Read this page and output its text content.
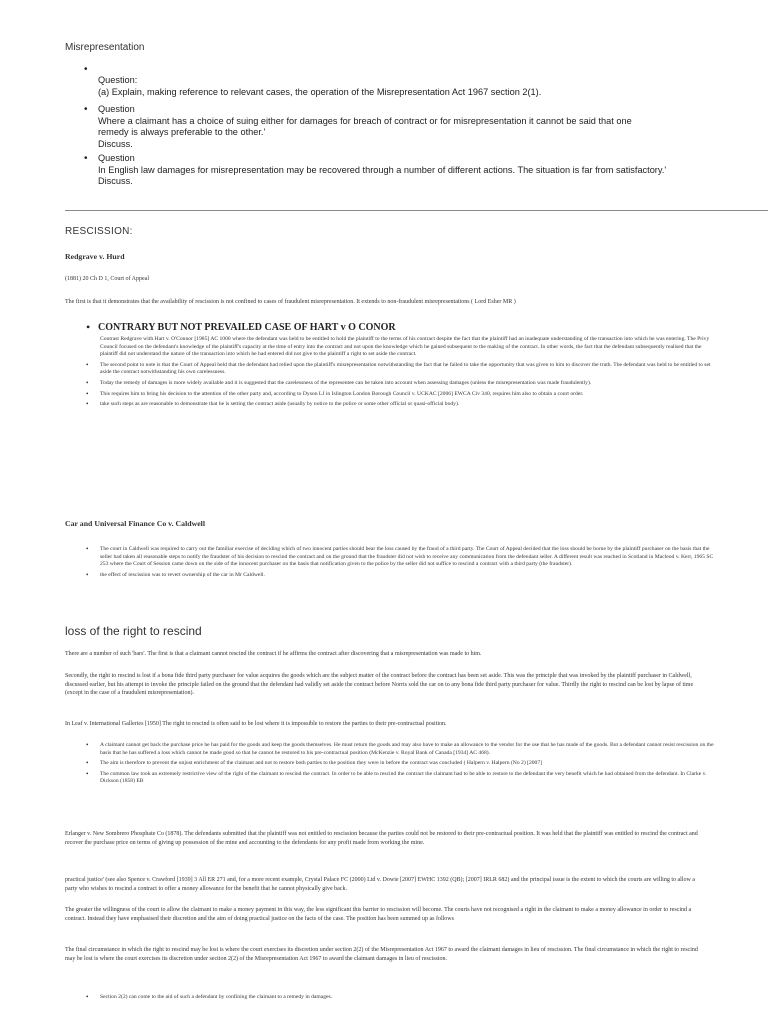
Misrepresentation
•
Question:
(a) Explain, making reference to relevant cases, the operation of the Misrepresentation Act 1967 section 2(1).
• Question
Where a claimant has a choice of suing either for damages for breach of contract or for misrepresentation it cannot be said that one
remedy is always preferable to the other.'
Discuss.
• Question
In English law damages for misrepresentation may be recovered through a number of different actions. The situation is far from satisfactory.'
Discuss.
RESCISSION:
Redgrave v. Hurd
(1881) 20 Ch D 1, Court of Appeal
The first is that it demonstrates that the availability of rescission is not confined to cases of fraudulent misrepresentation. It extends to non-fraudulent misrepresentations ( Lord Esher MR )
• CONTRARY BUT NOT PREVAILED CASE OF HART v O CONOR
Contrast Redgrave with Hart v. O'Connor [1985] AC 1000 where the defendant was held to be entitled to hold the plaintiff to the terms of his contract despite the fact that the plaintiff had an inadequate understanding of the transaction into which he was entering. The Privy Council focused on the defendant's knowledge of the plaintiff's capacity at the time of entry into the contract and not upon the knowledge which he gained subsequent to the making of the contract. In other words, the fact that the defendant subsequently realised that the plaintiff did not understand the nature of the transaction into which he had entered did not give to the plaintiff a right to set aside the contract.
• The second point to note is that the Court of Appeal held that the defendant had relied upon the plaintiff's misrepresentation notwithstanding the fact that he failed to take the opportunity that was given to him to discover the truth. The defendant was held to be entitled to set aside the contract notwithstanding his own carelessness.
• Today the remedy of damages is more widely available and it is suggested that the carelessness of the representee can be taken into account when assessing damages (unless the misrepresentation was made fraudulently).
• This requires him to bring his decision to the attention of the other party and, according to Dyson LJ in Islington London Borough Council v. UCKAC [2006] EWCA Civ 340, requires him also to obtain a court order.
• take such steps as are reasonable to demonstrate that he is setting the contract aside (usually by notice to the police or some other official or quasi-official body).
Car and Universal Finance Co v. Caldwell
• The court in Caldwell was required to carry out the familiar exercise of deciding which of two innocent parties should bear the loss caused by the fraud of a third party. The Court of Appeal decided that the loss should be borne by the plaintiff purchaser on the basis that the seller had taken all reasonable steps to notify the fraudster of his decision to rescind the contract and on the ground that the fraudster did not wish to receive any communication from the defendant seller. A different result was reached in Scotland in Macleod v. Kerr, 1965 SC 253 where the Court of Session came down on the side of the innocent purchaser on the basis that notification given to the police by the seller did not suffice to rescind a contract with a third party (the fraudster).
• the effect of rescission was to revert ownership of the car in Mr Caldwell.
loss of the right to rescind
There are a number of such 'bars'. The first is that a claimant cannot rescind the contract if he affirms the contract after discovering that a misrepresentation was made to him.
Secondly, the right to rescind is lost if a bona fide third party purchaser for value acquires the goods which are the subject matter of the contract before the contract has been set aside. This was the principle that was invoked by the plaintiff purchaser in Caldwell, discussed earlier, but his attempt to invoke the principle failed on the ground that the defendant had validly set aside the contract before Norris sold the car on to any bona fide third party purchaser for value. Thirdly the right to rescind can be lost by lapse of time (except in the case of a fraudulent misrepresentation).
In Leaf v. International Galleries [1950] The right to rescind is often said to be lost where it is impossible to restore the parties to their pre-contractual position.
• A claimant cannot get back the purchase price he has paid for the goods and keep the goods themselves. He must return the goods and may also have to make an allowance to the vendor for the use that he has made of the goods. But a defendant cannot resist rescission on the basis that he has suffered a loss which cannot be made good so that he cannot be restored to his pre-contractual position (McKenzie v. Royal Bank of Canada [1934] AC 468).
• The aim is therefore to prevent the unjust enrichment of the claimant and not to restore both parties to the position they were in before the contract was concluded ( Halpern v. Halpern (No 2) [2007]
• The common law took an extremely restrictive view of the right of the claimant to rescind the contract. In order to be able to rescind the contract the claimant had to be able to restore to the defendant the very benefit which he had obtained from the defendant. In Clarke v. Dickson (1858) EB
Erlanger v. New Sombrero Phosphate Co (1878). The defendants submitted that the plaintiff was not entitled to rescission because the parties could not be restored to their pre-contractual position. It was held that the plaintiff was entitled to rescind the contract and recover the purchase price on terms of giving up possession of the mine and accounting to the defendants for any profit made from working the mine.
practical justice' (see also Spence v. Crawford [1939] 3 All ER 271 and, for a more recent example, Crystal Palace FC (2000) Ltd v. Dowie [2007] EWHC 1392 (QB); [2007] IRLR 682) and the principal issue is the extent to which the courts are willing to allow a party who wishes to rescind a contract to offer a money allowance for the benefit that he cannot physically give back.
The greater the willingness of the court to allow the claimant to make a money payment in this way, the less significant this barrier to rescission will become. The courts have not recognised a right in the claimant to make a money allowance in order to rescind a contract. Instead they have emphasised their discretion and the aim of doing practical justice on the facts of the case. The position has been summed up as follows
The final circumstance in which the right to rescind may be lost is where the court exercises its discretion under section 2(2) of the Misrepresentation Act 1967 to award the claimant damages in lieu of rescission. The final circumstance in which the right to rescind may be lost is where the court exercises its discretion under section 2(2) of the Misrepresentation Act 1967 to award the claimant damages in lieu of rescission.
• Section 2(2) can come to the aid of such a defendant by confining the claimant to a remedy in damages.
